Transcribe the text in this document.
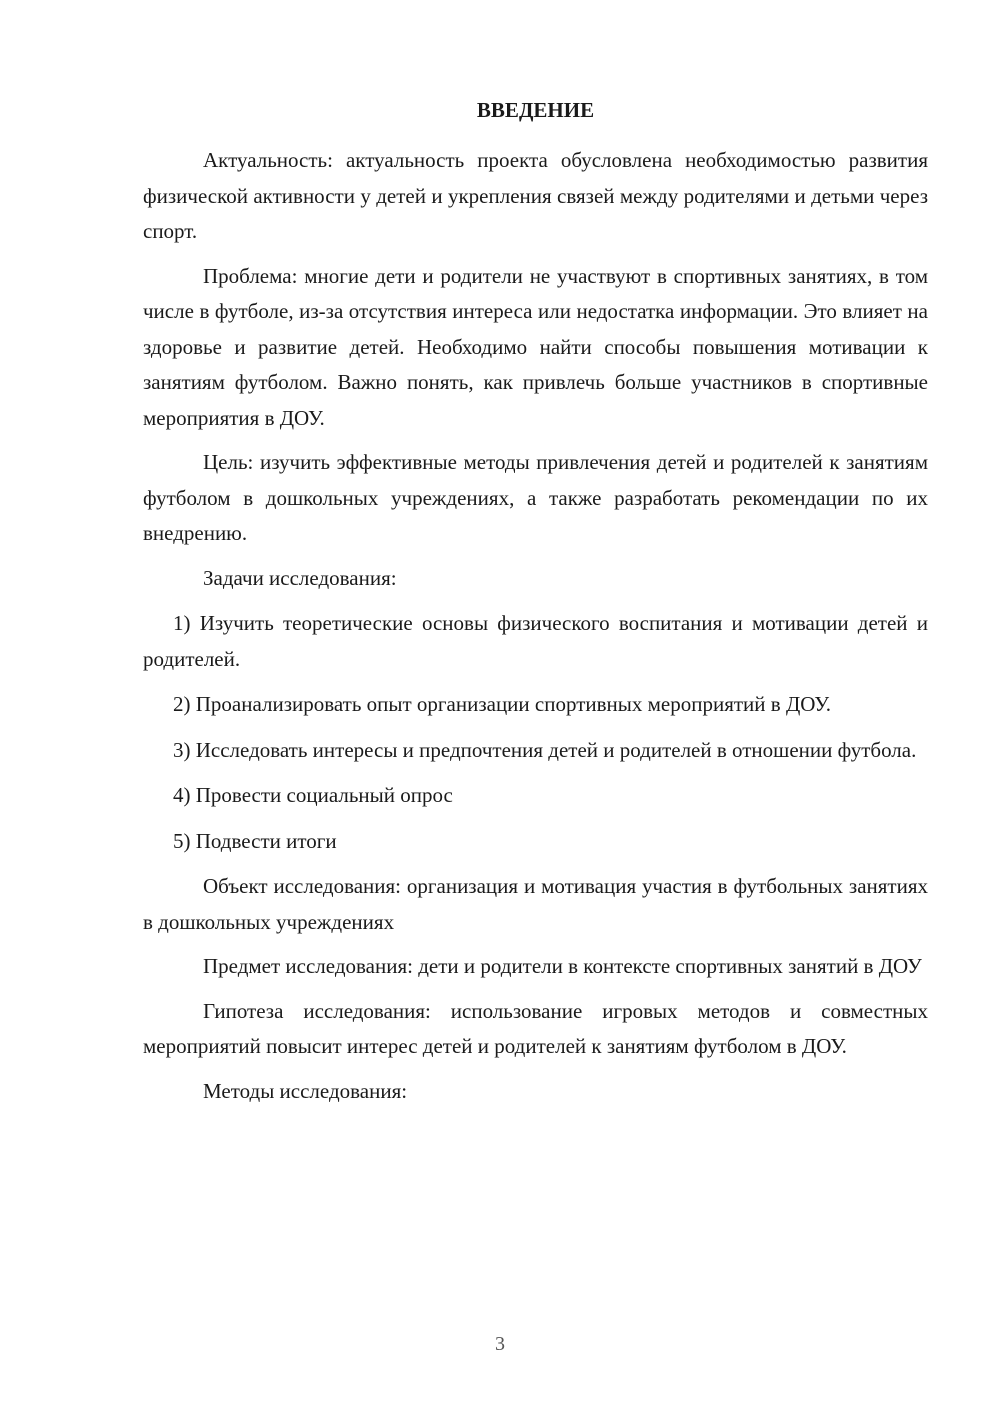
ВВЕДЕНИЕ

Актуальность: актуальность проекта обусловлена необходимостью развития физической активности у детей и укрепления связей между родителями и детьми через спорт.

Проблема: многие дети и родители не участвуют в спортивных занятиях, в том числе в футболе, из-за отсутствия интереса или недостатка информации. Это влияет на здоровье и развитие детей. Необходимо найти способы повышения мотивации к занятиям футболом. Важно понять, как привлечь больше участников в спортивные мероприятия в ДОУ.

Цель: изучить эффективные методы привлечения детей и родителей к занятиям футболом в дошкольных учреждениях, а также разработать рекомендации по их внедрению.

Задачи исследования:

1) Изучить теоретические основы физического воспитания и мотивации детей и родителей.

2) Проанализировать опыт организации спортивных мероприятий в ДОУ.

3) Исследовать интересы и предпочтения детей и родителей в отношении футбола.

4) Провести социальный опрос

5) Подвести итоги

Объект исследования: организация и мотивация участия в футбольных занятиях в дошкольных учреждениях

Предмет исследования: дети и родители в контексте спортивных занятий в ДОУ

Гипотеза исследования: использование игровых методов и совместных мероприятий повысит интерес детей и родителей к занятиям футболом в ДОУ.

Методы исследования:

3
